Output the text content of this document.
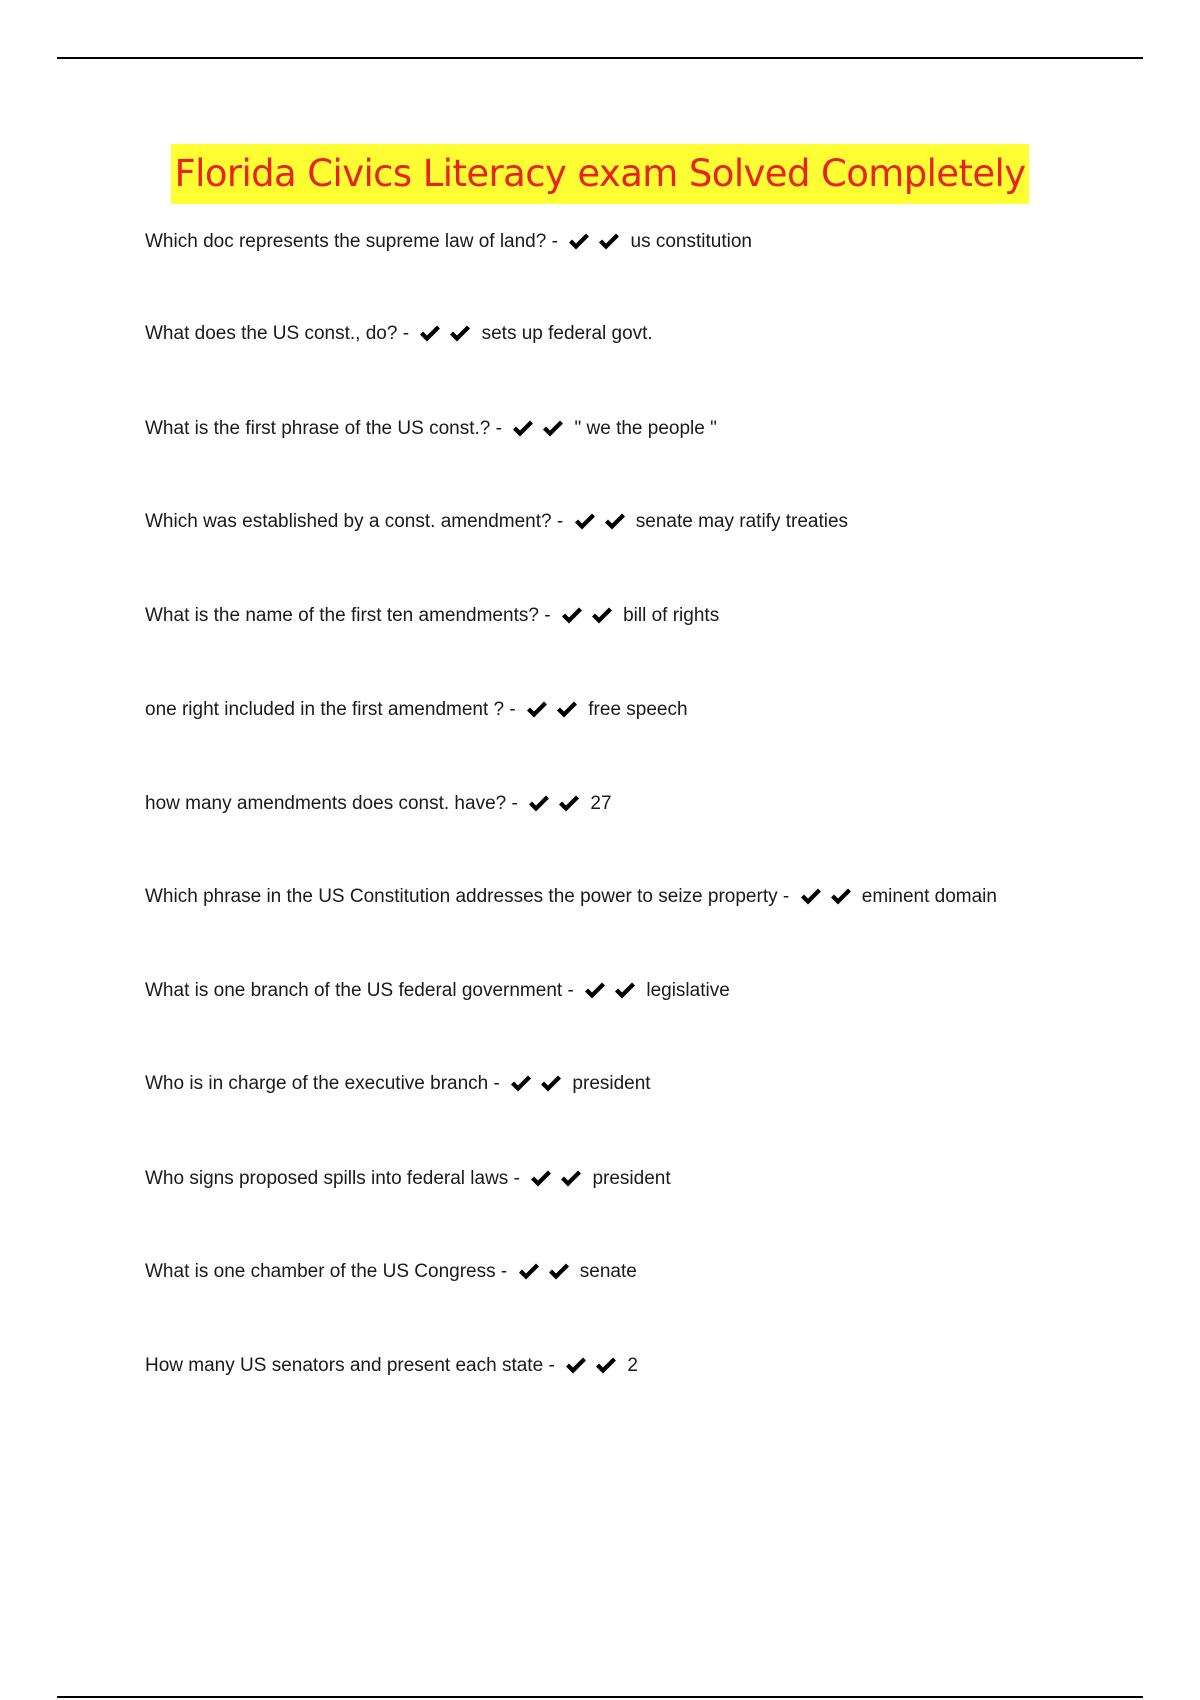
Florida Civics Literacy exam Solved Completely
Which doc represents the supreme law of land? -	us constitution
What does the US const., do? -	sets up federal govt.
What is the first phrase of the US const.? -	" we the people "
Which was established by a const. amendment? -	senate may ratify treaties
What is the name of the first ten amendments? -	bill of rights
one right included in the first amendment ? -	free speech
how many amendments does const. have? -	27
Which phrase in the US Constitution addresses the power to seize property -	eminent domain
What is one branch of the US federal government -	legislative
Who is in charge of the executive branch -	president
Who signs proposed spills into federal laws -	president
What is one chamber of the US Congress -	senate
How many US senators and present each state -	2
